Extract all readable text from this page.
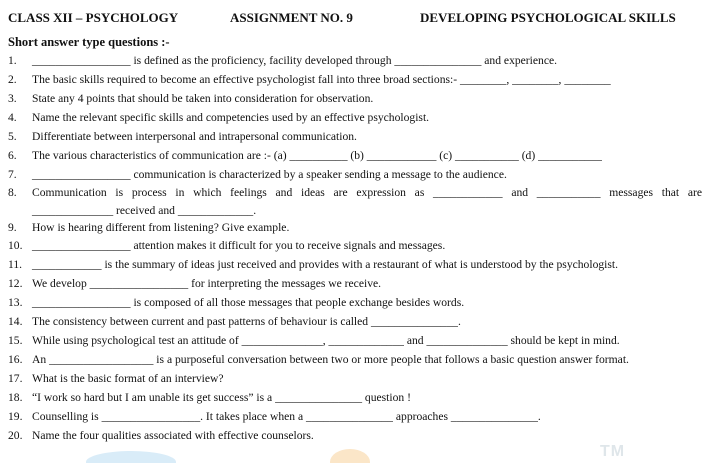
CLASS XII – PSYCHOLOGY	ASSIGNMENT NO. 9	DEVELOPING PSYCHOLOGICAL SKILLS
Short answer type questions :-
1. _________________ is defined as the proficiency, facility developed through _______________ and experience.
2. The basic skills required to become an effective psychologist fall into three broad sections:- ________, ________, ________
3. State any 4 points that should be taken into consideration for observation.
4. Name the relevant specific skills and competencies used by an effective psychologist.
5. Differentiate between interpersonal and intrapersonal communication.
6. The various characteristics of communication are :- (a) __________ (b) ____________ (c) ___________ (d) ___________
7. _________________ communication is characterized by a speaker sending a message to the audience.
8. Communication is process in which feelings and ideas are expression as ____________ and ___________ messages that are
______________ received and _____________.
9. How is hearing different from listening? Give example.
10. _________________ attention makes it difficult for you to receive signals and messages.
11. ____________ is the summary of ideas just received and provides with a restaurant of what is understood by the psychologist.
12. We develop _________________ for interpreting the messages we receive.
13. _________________ is composed of all those messages that people exchange besides words.
14. The consistency between current and past patterns of behaviour is called _______________.
15. While using psychological test an attitude of ______________, _____________ and ______________ should be kept in mind.
16. An __________________ is a purposeful conversation between two or more people that follows a basic question answer format.
17. What is the basic format of an interview?
18. “I work so hard but I am unable its get success” is a _______________ question !
19. Counselling is _________________. It takes place when a _______________ approaches _______________.
20. Name the four qualities associated with effective counselors.
TM
